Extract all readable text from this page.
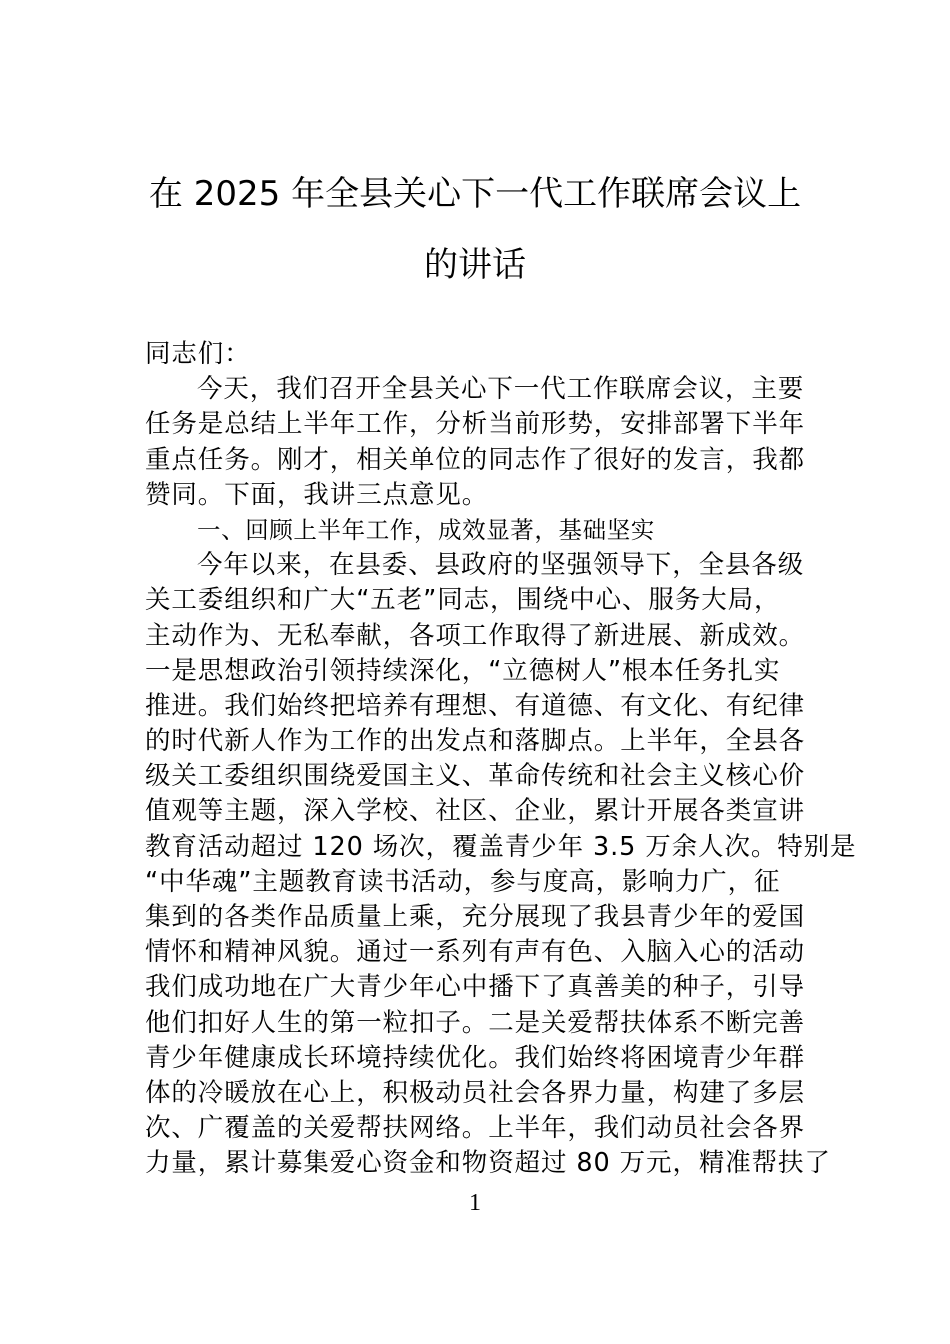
在 2025 年全县关心下一代工作联席会议上
的讲话
同志们：
今天，我们召开全县关心下一代工作联席会议，主要
任务是总结上半年工作，分析当前形势，安排部署下半年
重点任务。刚才，相关单位的同志作了很好的发言，我都
赞同。下面，我讲三点意见。
一、回顾上半年工作，成效显著，基础坚实
今年以来，在县委、县政府的坚强领导下，全县各级
关工委组织和广大“五老”同志，围绕中心、服务大局，
主动作为、无私奉献，各项工作取得了新进展、新成效。
一是思想政治引领持续深化，“立德树人”根本任务扎实
推进。我们始终把培养有理想、有道德、有文化、有纪律
的时代新人作为工作的出发点和落脚点。上半年，全县各
级关工委组织围绕爱国主义、革命传统和社会主义核心价
值观等主题，深入学校、社区、企业，累计开展各类宣讲
教育活动超过 120 场次，覆盖青少年 3.5 万余人次。特别是
“中华魂”主题教育读书活动，参与度高，影响力广，征
集到的各类作品质量上乘，充分展现了我县青少年的爱国
情怀和精神风貌。通过一系列有声有色、入脑入心的活动
我们成功地在广大青少年心中播下了真善美的种子，引导
他们扣好人生的第一粒扣子。二是关爱帮扶体系不断完善
青少年健康成长环境持续优化。我们始终将困境青少年群
体的冷暖放在心上，积极动员社会各界力量，构建了多层
次、广覆盖的关爱帮扶网络。上半年，我们动员社会各界
力量，累计募集爱心资金和物资超过 80 万元，精准帮扶了
1
